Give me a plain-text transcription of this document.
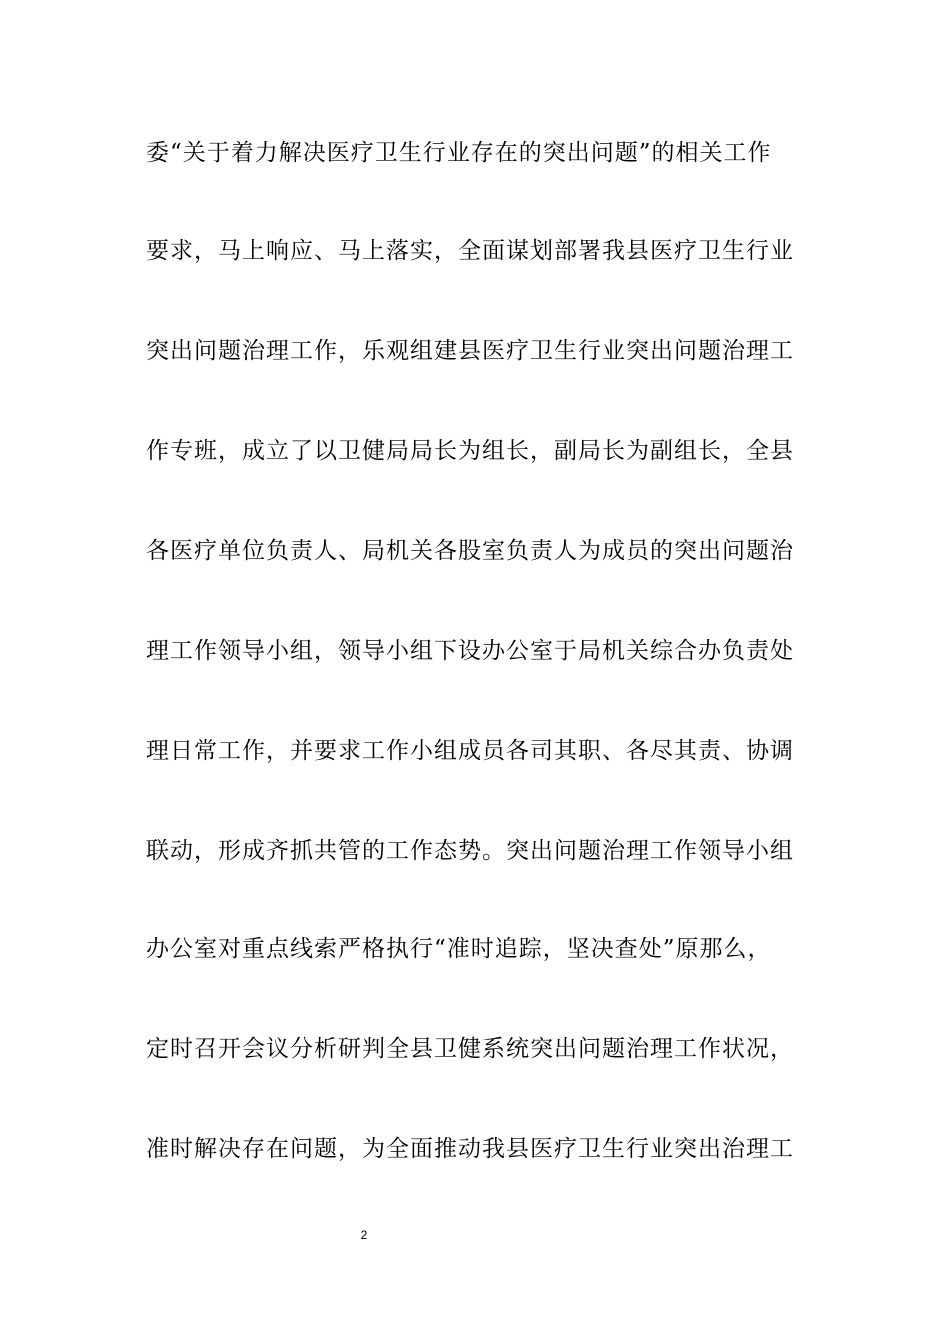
委“关于着力解决医疗卫生行业存在的突出问题”的相关工作
要求，马上响应、马上落实，全面谋划部署我县医疗卫生行业
突出问题治理工作，乐观组建县医疗卫生行业突出问题治理工
作专班，成立了以卫健局局长为组长，副局长为副组长，全县
各医疗单位负责人、局机关各股室负责人为成员的突出问题治
理工作领导小组，领导小组下设办公室于局机关综合办负责处
理日常工作，并要求工作小组成员各司其职、各尽其责、协调
联动，形成齐抓共管的工作态势。突出问题治理工作领导小组
办公室对重点线索严格执行“准时追踪，坚决查处”原那么，
定时召开会议分析研判全县卫健系统突出问题治理工作状况，
准时解决存在问题，为全面推动我县医疗卫生行业突出治理工
2
